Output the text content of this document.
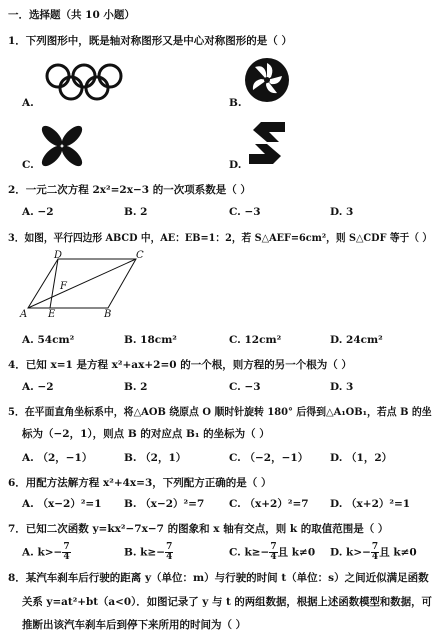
一．选择题（共 10 小题）
1．下列图形中，既是轴对称图形又是中心对称图形的是（ ）
A.	B.
C.	D.
2．一元二次方程 2x²=2x−3 的一次项系数是（ ）
A. −2	B. 2	C. −3	D. 3
3．如图，平行四边形 ABCD 中，AE：EB=1：2，若 S△AEF=6cm²，则 S△CDF 等于（ ）
D	C
F
A E	B
A. 54cm²	B. 18cm²	C. 12cm²	D. 24cm²
4．已知 x=1 是方程 x²+ax+2=0 的一个根，则方程的另一个根为（ ）
A. −2	B. 2	C. −3	D. 3
5．在平面直角坐标系中，将△AOB 绕原点 O 顺时针旋转 180° 后得到△A₁OB₁，若点 B 的坐
标为（−2，1），则点 B 的对应点 B₁ 的坐标为（ ）
A. （2，−1）	B. （2，1）	C. （−2，−1） D. （1，2）
6．用配方法解方程 x²+4x=3，下列配方正确的是（ ）
A. （x−2）²=1 B. （x−2）²=7 C. （x+2）²=7 D. （x+2）²=1
7．已知二次函数 y=kx²−7x−7 的图象和 x 轴有交点，则 k 的取值范围是（ ）
A. $k>- \frac{7}{4}$	B. $k\ge- \frac{7}{4}$	C. $k\ge- \frac{7}{4}$ 且 k≠0 D. $k>- \frac{7}{4}$ 且 k≠0
8．某汽车刹车后行驶的距离 y（单位：m）与行驶的时间 t（单位：s）之间近似满足函数
关系 y=at²+bt（a<0）．如图记录了 y 与 t 的两组数据，根据上述函数模型和数据，可
推断出该汽车刹车后到停下来所用的时间为（ ）
